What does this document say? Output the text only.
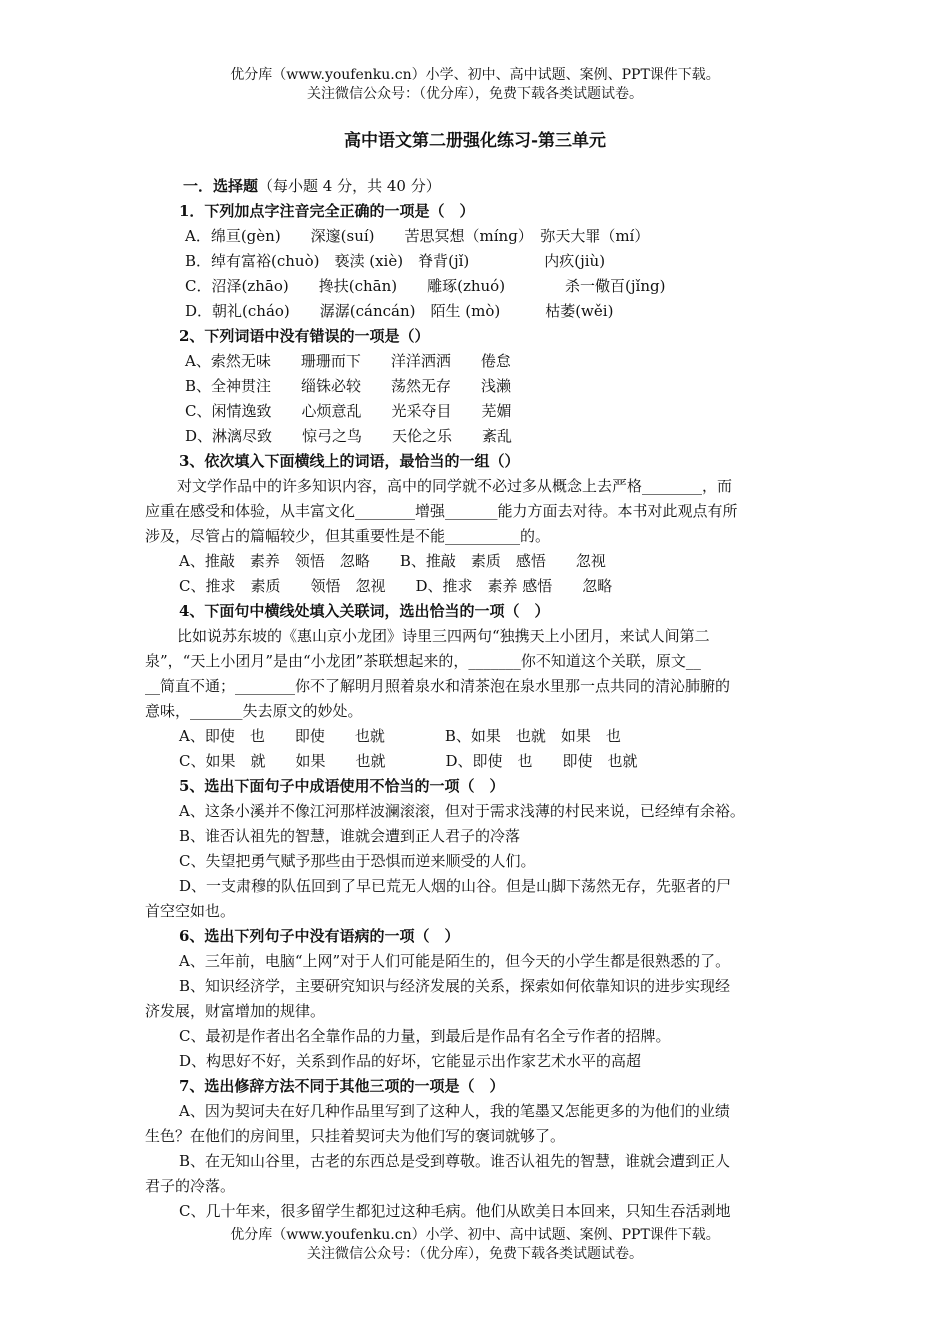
优分库（www.youfenku.cn）小学、初中、高中试题、案例、PPT课件下载。
关注微信公众号：（优分库），免费下载各类试题试卷。
高中语文第二册强化练习-第三单元
一．选择题（每小题 4 分，共 40 分）
1．下列加点字注音完全正确的一项是（　）
A．绵亘(gèn)　　深邃(suí)　　苦思冥想（mínɡ）　弥天大罪（mí）
B．绰有富裕(chuò)　亵渎 (xiè)　脊背(jǐ)　　　　　内疚(jiù)
C．沼泽(zhāo)　　搀扶(chān)　　雕琢(zhuó)　　　　杀一儆百(jǐng)
D．朝礼(cháo)　　潺潺(cáncán)　陌生 (mò)　　　枯萎(wěi)
2、下列词语中没有错误的一项是（）
A、索然无味　　珊珊而下　　洋洋洒洒　　倦怠
B、全神贯注　　缁铢必较　　荡然无存　　浅濑
C、闲情逸致　　心烦意乱　　光采夺目　　芜媚
D、淋漓尽致　　惊弓之鸟　　天伦之乐　　紊乱
3、依次填入下面横线上的词语，最恰当的一组（）
对文学作品中的许多知识内容，高中的同学就不必过多从概念上去严格________，而
应重在感受和体验，从丰富文化________增强_______能力方面去对待。本书对此观点有所
涉及，尽管占的篇幅较少，但其重要性是不能__________的。
A、推敲　素养　领悟　忽略　　B、推敲　素质　感悟　　忽视
C、推求　素质　　领悟　忽视　　D、推求　素养 感悟　　忽略
4、下面句中横线处填入关联词，选出恰当的一项（　）
比如说苏东坡的《惠山京小龙团》诗里三四两句“独携天上小团月，来试人间第二
泉”，“天上小团月”是由“小龙团”茶联想起来的，_______你不知道这个关联，原文__
__简直不通；________你不了解明月照着泉水和清茶泡在泉水里那一点共同的清沁肺腑的
意味，_______失去原文的妙处。
A、即使　也　　即使　　也就　　　　B、如果　也就　如果　也
C、如果　就　　如果　　也就　　　　D、即使　也　　即使　也就
5、选出下面句子中成语使用不恰当的一项（　）
A、这条小溪并不像江河那样波澜滚滚，但对于需求浅薄的村民来说，已经绰有余裕。
B、谁否认祖先的智慧，谁就会遭到正人君子的冷落
C、失望把勇气赋予那些由于恐惧而逆来顺受的人们。
D、一支肃穆的队伍回到了早已荒无人烟的山谷。但是山脚下荡然无存，先驱者的尸
首空空如也。
6、选出下列句子中没有语病的一项（　）
A、三年前，电脑“上网”对于人们可能是陌生的，但今天的小学生都是很熟悉的了。
B、知识经济学，主要研究知识与经济发展的关系，探索如何依靠知识的进步实现经
济发展，财富增加的规律。
C、最初是作者出名全靠作品的力量，到最后是作品有名全亏作者的招牌。
D、构思好不好，关系到作品的好坏，它能显示出作家艺术水平的高超
7、选出修辞方法不同于其他三项的一项是（　）
A、因为契诃夫在好几种作品里写到了这种人，我的笔墨又怎能更多的为他们的业绩
生色？在他们的房间里，只挂着契诃夫为他们写的褒词就够了。
B、在无知山谷里，古老的东西总是受到尊敬。谁否认祖先的智慧，谁就会遭到正人
君子的冷落。
C、几十年来，很多留学生都犯过这种毛病。他们从欧美日本回来，只知生吞活剥地
优分库（www.youfenku.cn）小学、初中、高中试题、案例、PPT课件下载。
关注微信公众号：（优分库），免费下载各类试题试卷。
